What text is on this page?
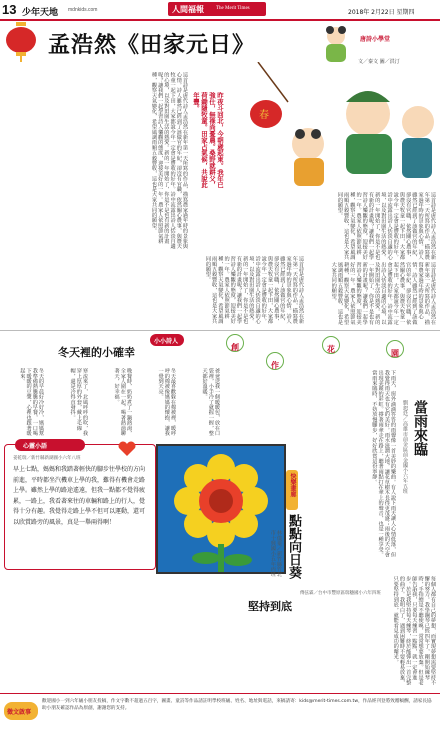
13 少年天地 mdnkids.com	人間福報 The Merit Times
2018年 2月22日 星期四
孟浩然《田家元日》	唐詩小學堂
文／秦文 圖／洪汀
春
昨夜斗回北，今朝歲起東。我年已強仕，無祿尚憂農。桑野就耕父，荷鋤隨牧童。田家占氣候，共說此年豐。
這首詩是唐代詩人孟浩然在新年第一天所寫的作品，描寫農家過年時的景象與心情。詩人雖然已經到了該做官的年紀，卻沒有官職，依然關心農事，與農夫牧童一起下田，大家都說今年一定會是豐收的好年。詩中流露出詩人恬淡自適的心境，以及對田園生活的熱愛。新的一年開始了，你是不是也有新的計畫呢？讓我們一起學習詩人樂觀的態度，迎接美好的一年。農家人依照節氣耕種，觀察天氣變化，希望風調雨順五穀豐收，這也是大家共同的願望。	這首詩是唐代詩人孟浩然在新年第一天所寫的作品，描寫農家過年時的景象與心情。詩人雖然已經到了該做官的年紀，卻沒有官職，依然關心農事，與農夫牧童一起下田，大家都說今年一定會是豐收的好年。詩中流露出詩人恬淡自適的心境，以及對田園生活的熱愛。新的一年開始了，你是不是也有新的計畫呢？讓我們一起學習詩人樂觀的態度，迎接美好的一年。農家人依照節氣耕種，觀察天氣變化，希望風調雨順五穀豐收，這也是大家共同的願望。
這首詩是唐代詩人孟浩然在新年第一天所寫的作品，描寫農家過年時的景象與心情。詩人雖然已經到了該做官的年紀，卻沒有官職，依然關心農事，與農夫牧童一起下田，大家都說今年一定會是豐收的好年。詩中流露出詩人恬淡自適的心境，以及對田園生活的熱愛。新的一年開始了，你是不是也有新的計畫呢？讓我們一起學習詩人樂觀的態度，迎接美好的一年。農家人依照節氣耕種，觀察天氣變化，希望風調雨順五穀豐收，這也是大家共同的願望。	這首詩是唐代詩人孟浩然在新年第一天所寫的作品，描寫農家過年時的景象與心情。詩人雖然已經到了該做官的年紀，卻沒有官職，依然關心農事，與農夫牧童一起下田，大家都說今年一定會是豐收的好年。詩中流露出詩人恬淡自適的心境，以及對田園生活的熱愛。新的一年開始了，你是不是也有新的計畫呢？讓我們一起學習詩人樂觀的態度，迎接美好的一年。農家人依照節氣耕種，觀察天氣變化，希望風調雨順五穀豐收，這也是大家共同的願望。
小小詩人
冬天裡的小確幸	創
作
花	園
冬天的早晨好冷好冷，媽媽幫我準備熱騰騰的早餐，一口喝下暖暖的豆漿，心裡也跟著暖起來。	寒流來了，北風呼呼的吹，我穿上厚厚的外套，戴上毛線帽，還是冷得直發抖。	晚餐時，奶奶煮了一鍋熱湯，全家人圍在一起，喝著熱湯聊著天，好幸福。	冬天最喜歡躲在棉被裡，暖呼呼的棉被像媽媽的懷抱，讓我一覺到天亮。	爸爸送我一個暖暖包，放在口袋裡，小手冷了就握一握，整天都好溫暖。
當雨來臨
劉恕廷／高雄市前金區前金國小六年五班
下雨天，窗外滴滴答答的雨聲像一首美妙的樂曲。有人說下雨天讓人心情低落，但我覺得雨天也有它的美好。雨水滋潤大地，讓花草樹木長得更茂盛；雨後的天空會出現美麗的彩虹。撐著雨傘走在路上，聽著雨點打在傘上的聲音，也是一種享受。當雨來臨時，不妨放慢腳步，好好欣賞這份寧靜。
心靈小語
姜乾瑞／新竹縣新湖國小六年八班
早上七點，媽媽和我踏著輕快的腳步往學校的方向前進，平時都坐汽機車上學的我，難得有機會走路上學。雖然上學的路途遙遠，但我一點都不覺得疲累，一路上，我看著來往的車輛和路上的行人，覺得十分有趣。我覺得走路上學不但可以運動，還可以欣賞路旁的風景，真是一舉兩得啊！
快樂畫廊
點點向日葵
林儀蓁／新竹縣竹北市十興國小五年丙班
堅持到底
傅弦霖／台中市豐原區瑞穗國小六年四班	每個人都有自己的夢想，而實現夢想需要堅持不懈的努力。我學鋼琴已經四年了，剛開始練琴時，手指總是不聽使喚，常常想要放棄。但是老師告訴我，只要每天練習一點點，就一定會進步。於是我堅持每天練琴，終於能彈出一首完整的曲子。我明白了，遇到困難時不要輕易放棄，只要堅持到底，就能看見成功的曙光。
徵文啟事
歡迎國小一到六年級小朋友投稿，作文字數不超過五百字，圖畫、童詩等作品請註明學校班級、姓名、地址與電話，來稿請寄：kids@merit-times.com.tw，作品經刊登將致贈稿酬，請家長協助小朋友確認作品為原創，謝謝您的支持。
